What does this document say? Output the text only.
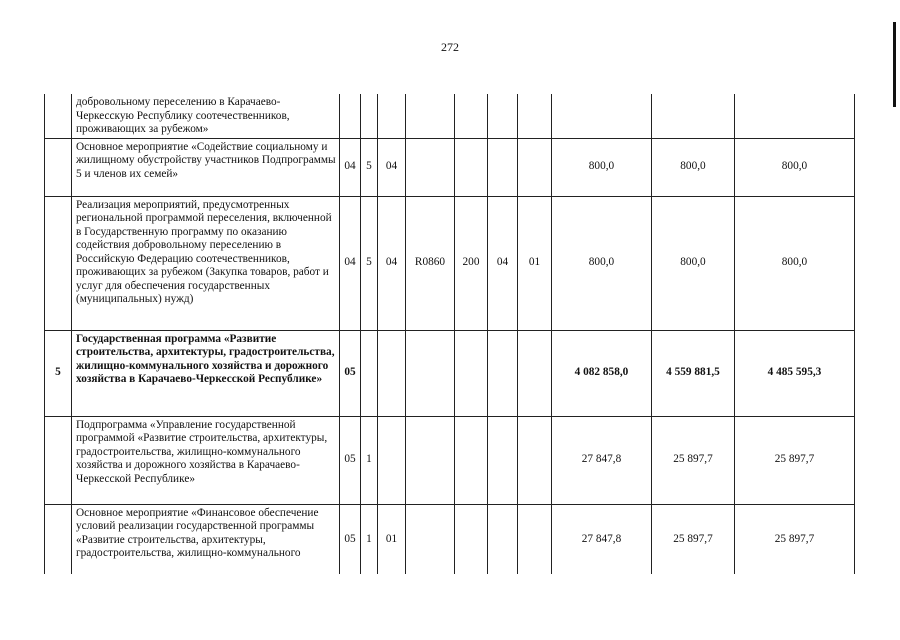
272
	добровольному переселению в Карачаево-Черкесскую Республику соотечественников, проживающих за рубежом»										
	Основное мероприятие «Содействие социальному и жилищному обустройству участников Подпрограммы 5 и членов их семей»	04	5	04					800,0	800,0	800,0
	Реализация мероприятий, предусмотренных региональной программой переселения, включенной в Государственную программу по оказанию содействия добровольному переселению в Российскую Федерацию соотечественников, проживающих за рубежом (Закупка товаров, работ и услуг для обеспечения государственных (муниципальных) нужд)	04	5	04	R0860	200	04	01	800,0	800,0	800,0
5	Государственная программа «Развитие строительства, архитектуры, градостроительства, жилищно-коммунального хозяйства и дорожного хозяйства в Карачаево-Черкесской Республике»	05							4 082 858,0	4 559 881,5	4 485 595,3
	Подпрограмма «Управление государственной программой «Развитие строительства, архитектуры, градостроительства, жилищно-коммунального хозяйства и дорожного хозяйства в Карачаево-Черкесской Республике»	05	1						27 847,8	25 897,7	25 897,7
	Основное мероприятие «Финансовое обеспечение условий реализации государственной программы «Развитие строительства, архитектуры, градостроительства, жилищно-коммунального	05	1	01					27 847,8	25 897,7	25 897,7
